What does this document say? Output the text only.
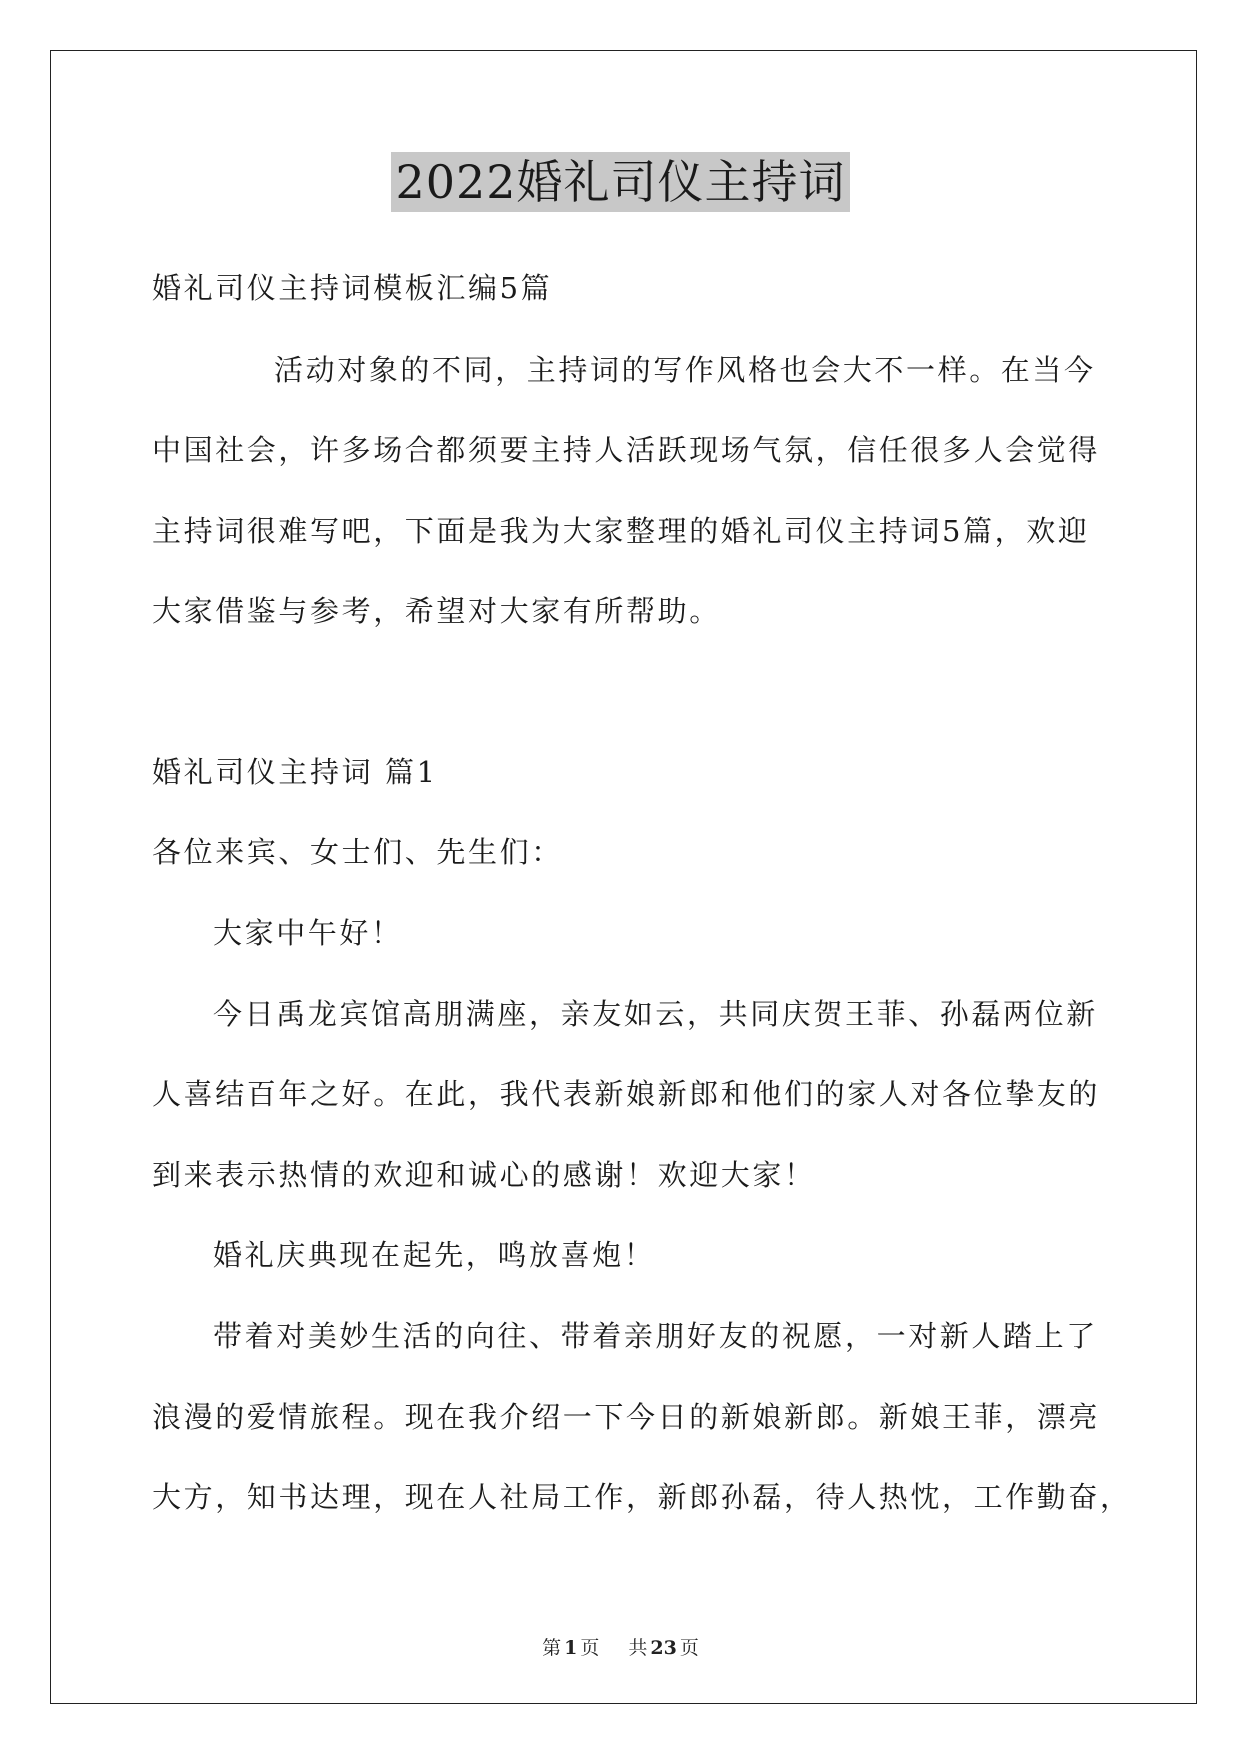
2022婚礼司仪主持词
婚礼司仪主持词模板汇编5篇
活动对象的不同，主持词的写作风格也会大不一样。在当今
中国社会，许多场合都须要主持人活跃现场气氛，信任很多人会觉得
主持词很难写吧，下面是我为大家整理的婚礼司仪主持词5篇，欢迎
大家借鉴与参考，希望对大家有所帮助。
婚礼司仪主持词 篇1
各位来宾、女士们、先生们：
大家中午好！
今日禹龙宾馆高朋满座，亲友如云，共同庆贺王菲、孙磊两位新
人喜结百年之好。在此，我代表新娘新郎和他们的家人对各位挚友的
到来表示热情的欢迎和诚心的感谢！欢迎大家！
婚礼庆典现在起先，鸣放喜炮！
带着对美妙生活的向往、带着亲朋好友的祝愿，一对新人踏上了
浪漫的爱情旅程。现在我介绍一下今日的新娘新郎。新娘王菲，漂亮
大方，知书达理，现在人社局工作，新郎孙磊，待人热忱，工作勤奋，
第 1 页 共 23 页
